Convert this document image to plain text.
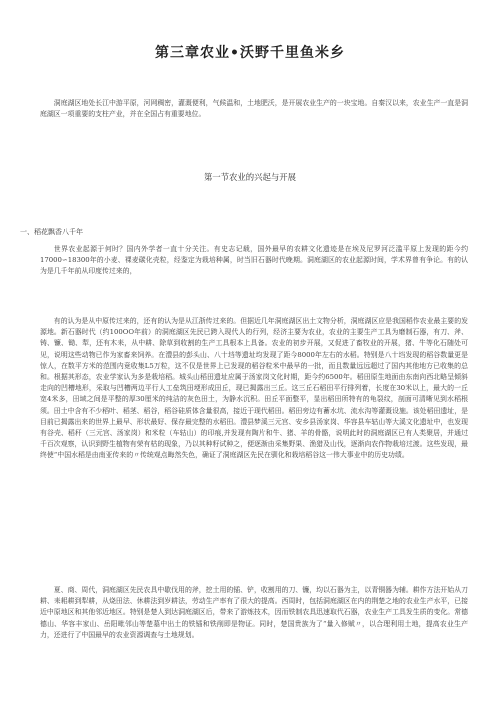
第三章农业•沃野千里鱼米乡

洞庭湖区地处长江中游平原，河网稠密，灌溉便利，气候温和，土地肥沃，是开展农业生产的一块宝地。自秦汉以来，农业生产一直是洞庭湖区一项重要的支柱产业，并在全国占有重要地位。

第一节农业的兴起与开展
一、稻花飘香八千年

世界农业起源于何时？国内外学者一直十分关注。有史志记载，国外最早的农耕文化遗迹是在埃及尼罗河泛滥平原上发现的距今约17000∽18300年的小麦、裸麦碳化壳粒，经鉴定为栽培种属，时当旧石器时代晚期。洞庭湖区的农业起源时间，学术界曾有争论。有的认为是几千年前从印度传过来的，

有的认为是从中原传过来的，还有的认为是从江浙传过来的。但据近几年洞庭湖区出土文物分析，洞庭湖区应是我国稻作农业最主要的发源地。新石器时代（约100OO年前）的洞庭湖区先民已跨入现代人的行列，经济主要为农业，农业的主要生产工具为磨制石器，有刀、斧、铸、镰、锄、犁，还有木耒，从中耕、除草到收割的生产工具根本上具备。农业的初步开展，又促进了畜牧业的开展，猪、牛等化石随处可见，说明这些动物已作为家畜来饲养。在澧县的彭头山、八十垱等遗址均发现了距今8000年左右的水稻。特别是八十垱发现的稻谷数量更是惊人，在数平方米的范围内竟收集L5万粒，这不仅是世界上已发现的稻谷粒米中最早的一批，而且数量远远超过了国内其他地方已收集的总和。根据其形态，农业学家认为多是栽培稻。城头山稻田遗址应属于汤家岗文化时期，距今约6500年。稻田原生地面由东南向西北略呈倾斜走向的凹槽地形，采取与凹槽两边平行人工垒筑田埂形成田丘，现已揭露出三丘。这三丘石稻田平行排列着，长度在30米以上，最大的一丘宽4米多，田域之间是平整的厚30厘米的纯洁的灰色田土，为静水沉积。田丘平面整平，显出稻田所特有的龟裂纹，剖面可清晰见到水稻根须。田土中含有不少稻叶、稻茎、稻谷，稻谷硅质体含量很高，接近于现代稻田。稻田旁边有蓄水坑、流水沟等灌溉设施。该处稻田遗址，是目前已揭露出来的世界上最早、形状最好、保存最完整的水稻田。澧县梦溪三元宫、安乡县汤家岗、华容县车轱山等大溪文化遗址中，也发现有谷壳、稻秆（三元宫、汤家岗）和米粒（车轱山）的印痕,并发现有陶片和牛、猪、羊的骨骼，说明此时的洞庭湖区已有人类聚居，并通过千百次观察，认识到野生植物有荣有枯的现象，乃以其种籽试种之，便逐渐由采集野果、渔猎及山伐，逐渐向农作物栽培过渡。这些发现，最终使“中国水稻是由南亚传来的〃传统观点晦然失色，确证了洞庭湖区先民在驯化和栽培稻谷这一伟大事业中的历史功绩。

夏、商、周代，洞庭湖区先民农具中歇伐用的斧，挖土用的锸、铲，收割用的刀、镰，均以石器为主，以青铜器为辅。耕作方法开始从刀耕、耒耜耕到犁耕，从烧田法、休耕法到岁耕法，劳动生产率有了很大的提高。西周时，包括洞庭湖区在内的荆楚之地的农业生产水平，已接近中原地区和其他邻近地区。特别是楚人到达洞庭湖区后，带来了游炼技术，因而铁制农具迅速取代石器，农业生产工具发生质的变化。常德德山、华容丰家山、岳阳毗邻山等楚墓中出土的铁锸和铁削即是物证。同时，楚国贵族为了“量入修赋〃，以合理利用土地，提高农业生产力，还进行了中国最早的农业资源调查与土地规划。
